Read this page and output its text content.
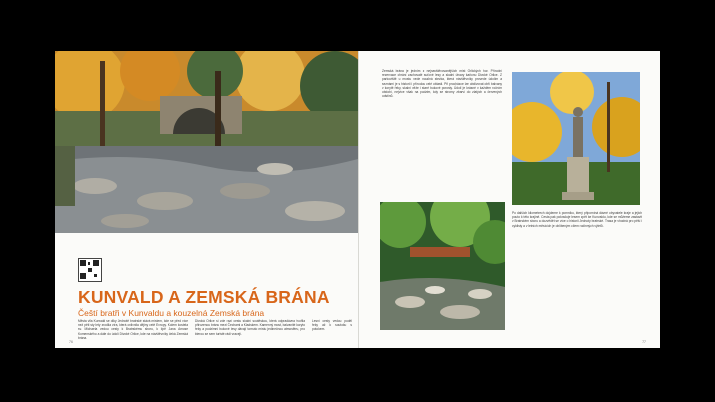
KUNVALD A ZEMSKÁ BRÁNA
Čeští bratři v Kunvaldu a kouzelná Zemská brána
Města vila Kunvald se díky Jednotě bratrské stává místem, kde se před více než pěti sty lety zrodila víra, která ovlivnila dějiny celé Evropy. Kolem kostela sv. Michaela vedou cesty k Bratrskému sboru, k lípě Jana Amose Komenského a dále do údolí Divoké Orlice, kde na návštěvníky čeká Zemská brána.
Divoká Orlice si zde razí cestu skalní soutěskou, která odpradávna tvořila přirozenou bránu mezi Čechami a Kladskem. Kamenný most, balvanité koryto řeky a podzimní bukové lesy dávají tomuto místu jedinečnou atmosféru, pro kterou se sem turisté rádi vracejí.
Lesní cesty vedou podél řeky až k soutoku s potokem.
76
Zemská brána je jedním z nejnavštěvovanějších míst Orlických hor. Přírodní rezervace chrání zachovalé suťové lesy a skalní útvary kaňonu Divoké Orlice. Z parkoviště u mostu vede naučná stezka, která návštěvníky provede údolím a seznámí je s historií i přírodou celé oblasti. Při procházce lze obdivovat obří balvany v korytě řeky, skalní věže i staré bukové porosty. Údolí je krásné v každém ročním období, nejvíce však na podzim, kdy se stromy zbarví do zlatých a červených odstínů.
Po dalších kilometrech dojdeme k pomníku, který připomíná dávné obyvatele kraje a jejich pouto k této krajině. Cesta pak pokračuje lesem zpět ke Kunvaldu, kde se můžeme zastavit v Bratrském sboru a dozvědět se více o historii Jednoty bratrské. Trasa je vhodná pro pěší i cyklisty a v letních měsících je oblíbeným cílem rodinných výletů.
77
